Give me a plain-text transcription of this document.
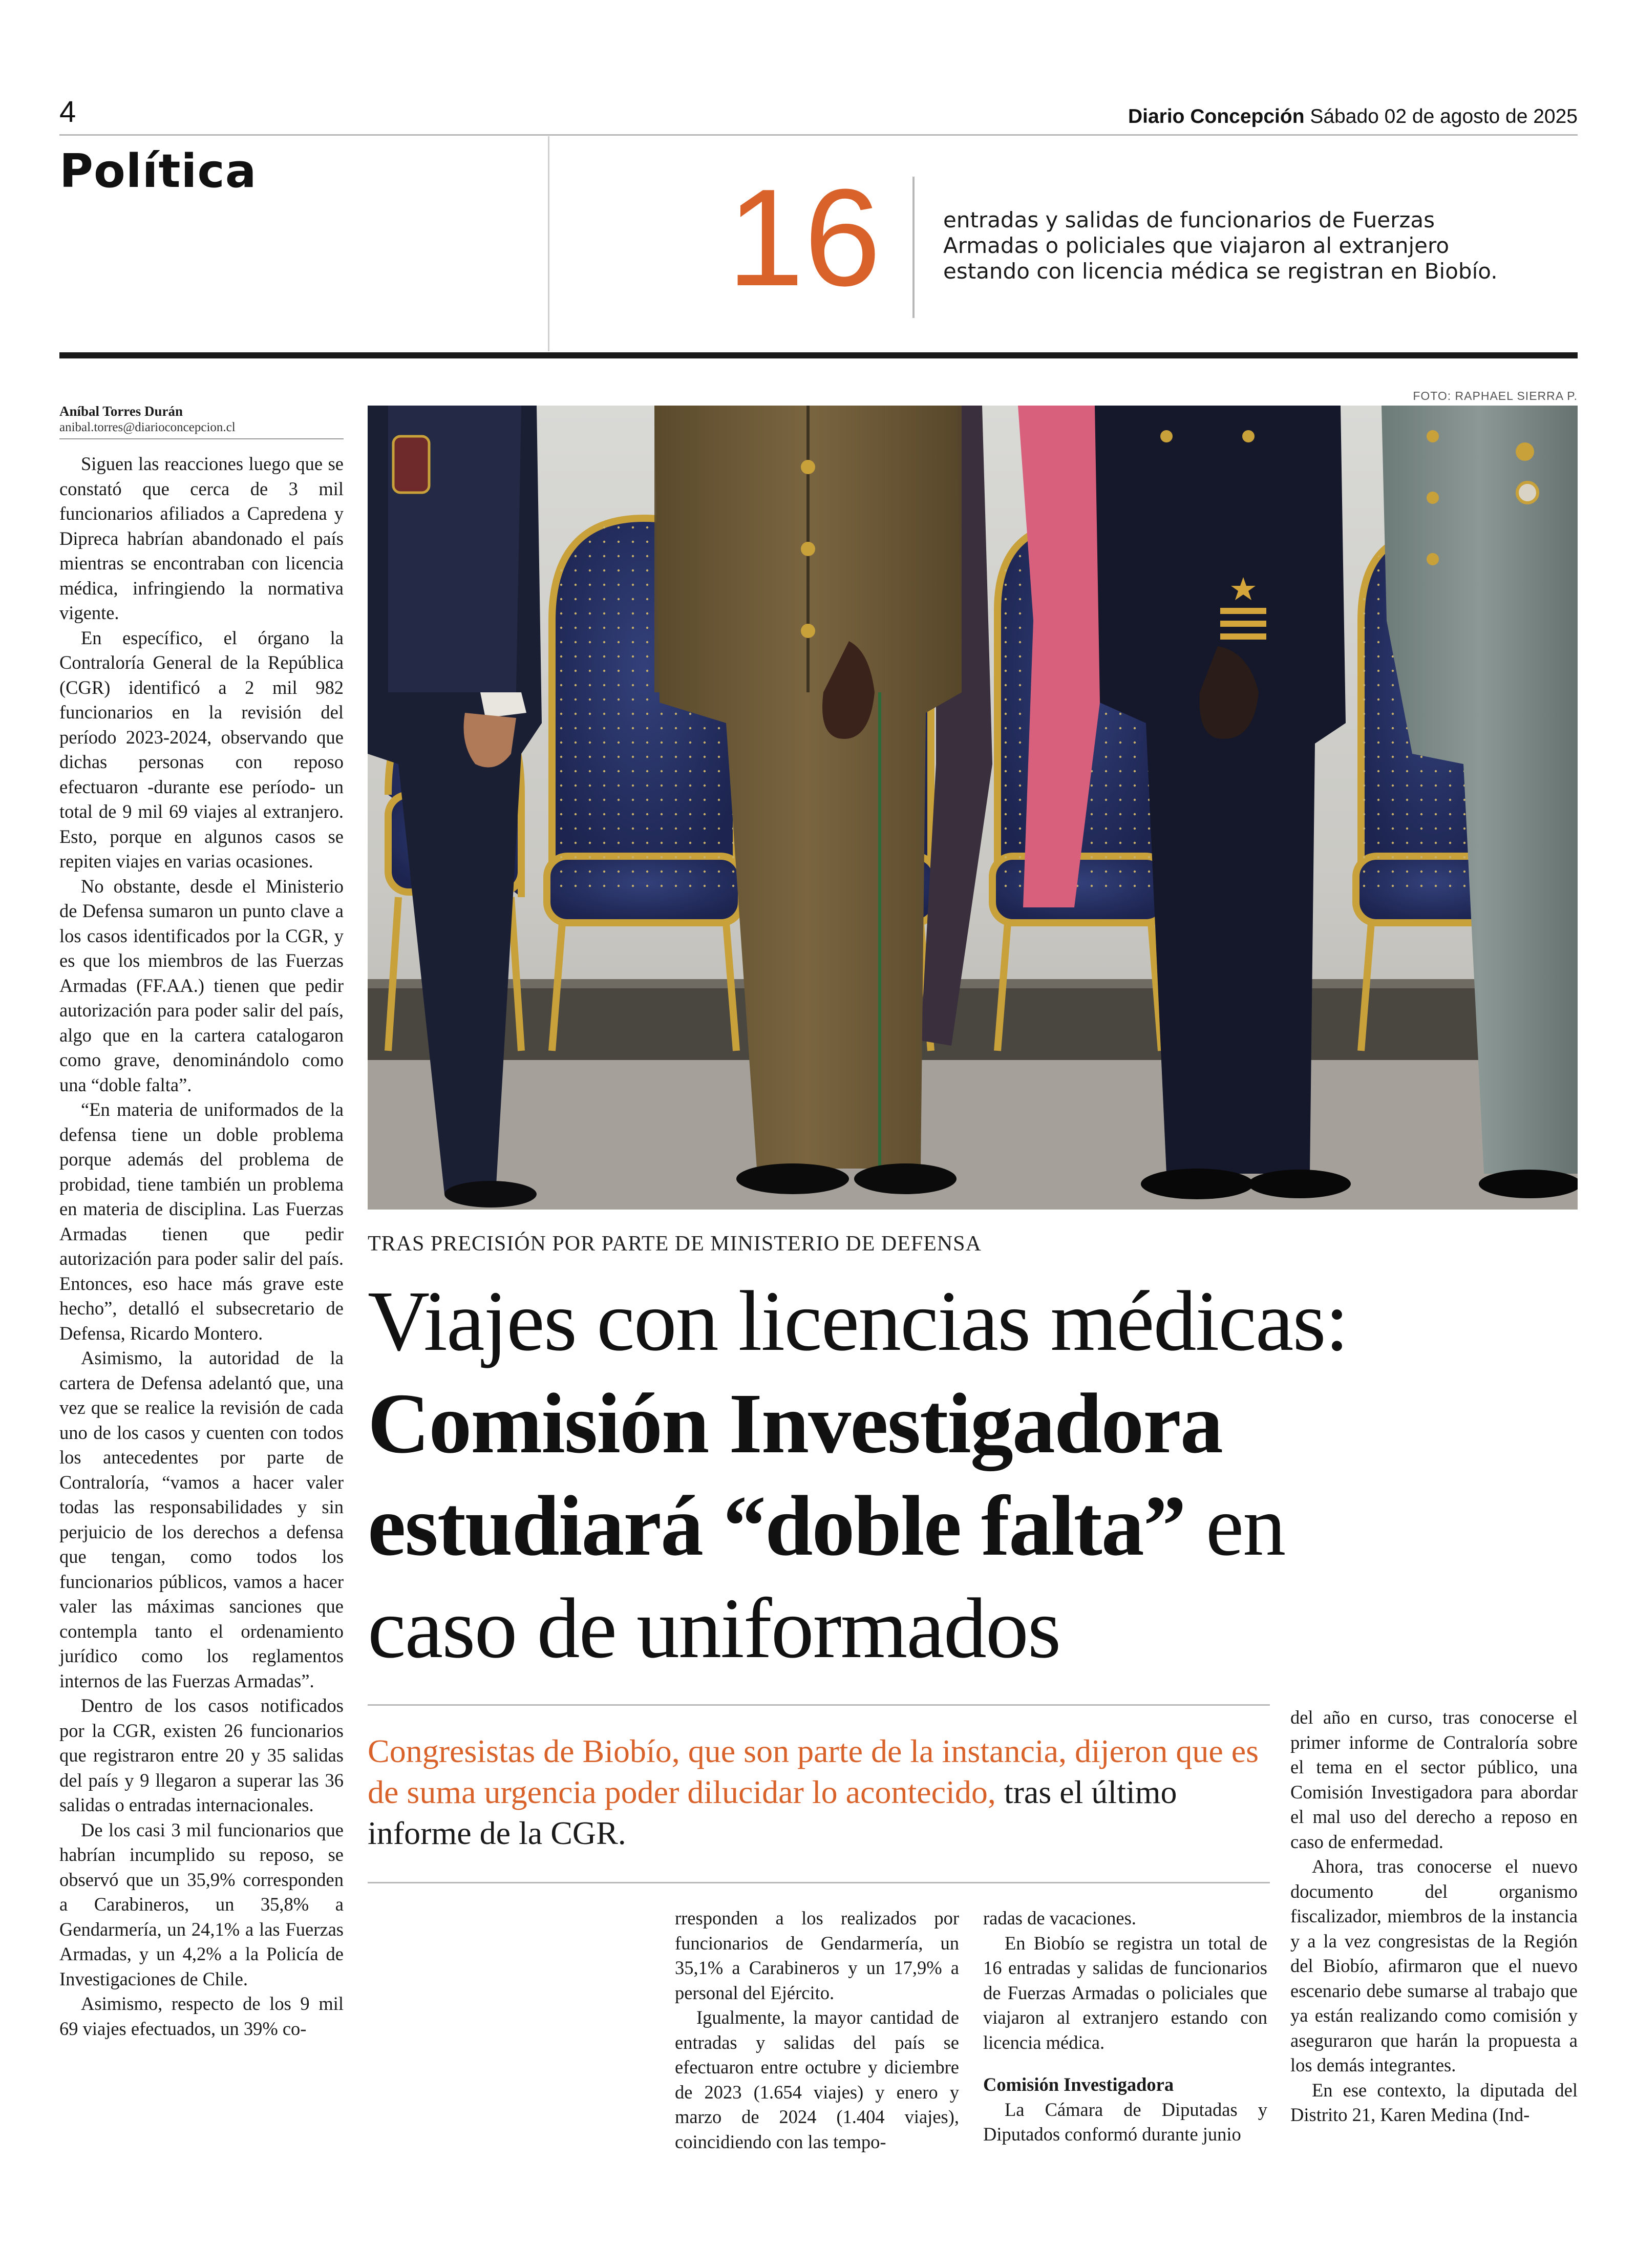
4	Diario Concepción Sábado 02 de agosto de 2025
Política	16	entradas y salidas de funcionarios de Fuerzas Armadas o policiales que viajaron al extranjero estando con licencia médica se registran en Biobío.
Aníbal Torres Durán
anibal.torres@diarioconcepcion.cl

Siguen las reacciones luego que se constató que cerca de 3 mil funcionarios afiliados a Capredena y Dipreca habrían abandonado el país mientras se encontraban con licencia médica, infringiendo la normativa vigente.

En específico, el órgano la Contraloría General de la República (CGR) identificó a 2 mil 982 funcionarios en la revisión del período 2023-2024, observando que dichas personas con reposo efectuaron -durante ese período- un total de 9 mil 69 viajes al extranjero. Esto, porque en algunos casos se repiten viajes en varias ocasiones.

No obstante, desde el Ministerio de Defensa sumaron un punto clave a los casos identificados por la CGR, y es que los miembros de las Fuerzas Armadas (FF.AA.) tienen que pedir autorización para poder salir del país, algo que en la cartera catalogaron como grave, denominándolo como una “doble falta”.

“En materia de uniformados de la defensa tiene un doble problema porque además del problema de probidad, tiene también un problema en materia de disciplina. Las Fuerzas Armadas tienen que pedir autorización para poder salir del país. Entonces, eso hace más grave este hecho”, detalló el subsecretario de Defensa, Ricardo Montero.

Asimismo, la autoridad de la cartera de Defensa adelantó que, una vez que se realice la revisión de cada uno de los casos y cuenten con todos los antecedentes por parte de Contraloría, “vamos a hacer valer todas las responsabilidades y sin perjuicio de los derechos a defensa que tengan, como todos los funcionarios públicos, vamos a hacer valer las máximas sanciones que contempla tanto el ordenamiento jurídico como los reglamentos internos de las Fuerzas Armadas”.

Dentro de los casos notificados por la CGR, existen 26 funcionarios que registraron entre 20 y 35 salidas del país y 9 llegaron a superar las 36 salidas o entradas internacionales.

De los casi 3 mil funcionarios que habrían incumplido su reposo, se observó que un 35,9% corresponden a Carabineros, un 35,8% a Gendarmería, un 24,1% a las Fuerzas Armadas, y un 4,2% a la Policía de Investigaciones de Chile.

Asimismo, respecto de los 9 mil 69 viajes efectuados, un 39% co-

FOTO: RAPHAEL SIERRA P.
TRAS PRECISIÓN POR PARTE DE MINISTERIO DE DEFENSA
Viajes con licencias médicas:
Comisión Investigadora estudiará “doble falta” en caso de uniformados
Congresistas de Biobío, que son parte de la instancia, dijeron que es de suma urgencia poder dilucidar lo acontecido, tras el último informe de la CGR.

rresponden a los realizados por funcionarios de Gendarmería, un 35,1% a Carabineros y un 17,9% a personal del Ejército.

Igualmente, la mayor cantidad de entradas y salidas del país se efectuaron entre octubre y diciembre de 2023 (1.654 viajes) y enero y marzo de 2024 (1.404 viajes), coincidiendo con las tempo-

radas de vacaciones.

En Biobío se registra un total de 16 entradas y salidas de funcionarios de Fuerzas Armadas o policiales que viajaron al extranjero estando con licencia médica.

Comisión Investigadora

La Cámara de Diputadas y Diputados conformó durante junio

del año en curso, tras conocerse el primer informe de Contraloría sobre el tema en el sector público, una Comisión Investigadora para abordar el mal uso del derecho a reposo en caso de enfermedad.

Ahora, tras conocerse el nuevo documento del organismo fiscalizador, miembros de la instancia y a la vez congresistas de la Región del Biobío, afirmaron que el nuevo escenario debe sumarse al trabajo que ya están realizando como comisión y aseguraron que harán la propuesta a los demás integrantes.

En ese contexto, la diputada del Distrito 21, Karen Medina (Ind-
